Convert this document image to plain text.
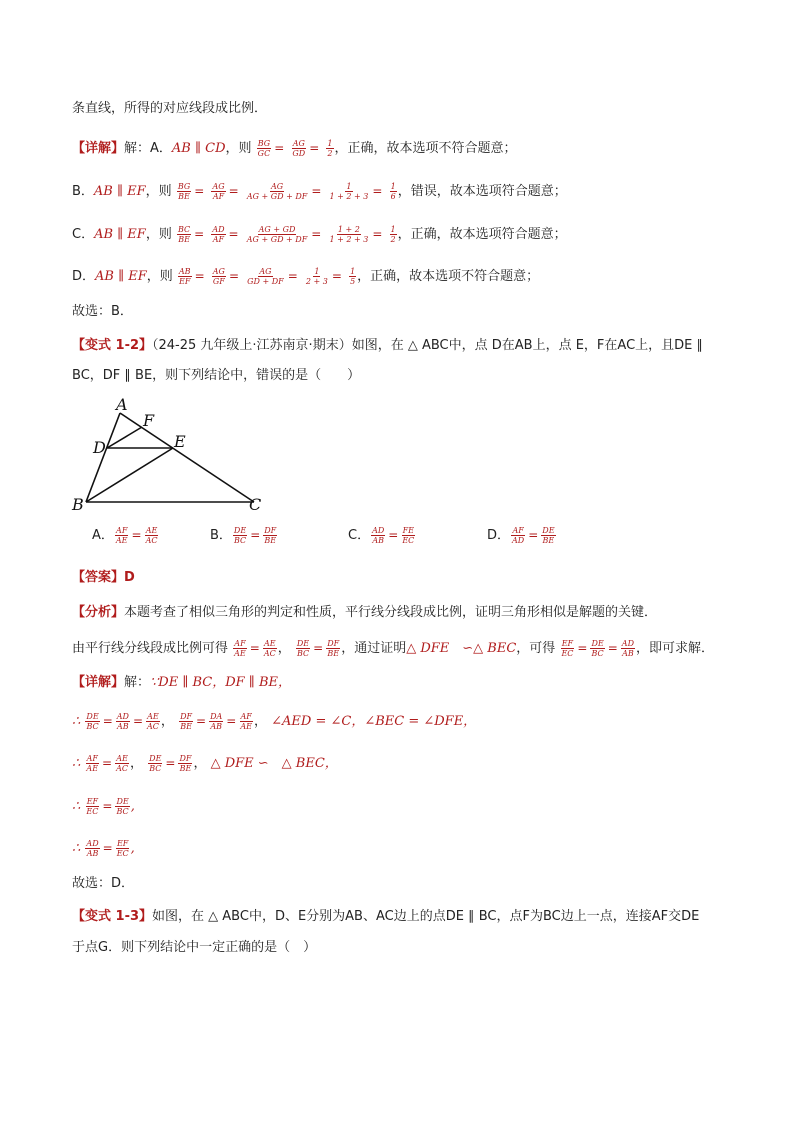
条直线，所得的对应线段成比例．
【详解】解：A．AB ∥ CD，则 $\frac{BG}{GC} = \frac{AG}{GD} = \frac{1}{2}$ ，正确，故本选项不符合题意；
B．AB ∥ EF，则 $\frac{BG}{BE} = \frac{AG}{AF} = \frac{AG}{AG + GD + DF} = \frac{1}{1 + 2 + 3} = \frac{1}{6}$ ，错误，故本选项符合题意；
C．AB ∥ EF，则 $\frac{BC}{BE} = \frac{AD}{AF} = \frac{AG + GD}{AG + GD + DF} = \frac{1 + 2}{1 + 2 + 3} = \frac{1}{2}$ ，正确，故本选项符合题意；
D．AB ∥ EF，则 $\frac{AB}{EF} = \frac{AG}{GF} = \frac{AG}{GD + DF} = \frac{1}{2 + 3} = \frac{1}{5}$ ，正确，故本选项不符合题意；
故选：B．
【变式 1-2】（24-25 九年级上·江苏南京·期末）如图，在 △ ABC中，点 D在AB上，点 E，F在AC上，且DE ∥
BC，DF ∥ BE，则下列结论中，错误的是（　　）
A
F
D	E
B	C
A． $\frac{AF}{AE} = \frac{AE}{AC}$	B． $\frac{DE}{BC} = \frac{DF}{BE}$	C． $\frac{AD}{AB} = \frac{FE}{EC}$	D． $\frac{AF}{AD} = \frac{DE}{BE}$
【答案】D
【分析】本题考查了相似三角形的判定和性质，平行线分线段成比例，证明三角形相似是解题的关键．
由平行线分线段成比例可得 $\frac{AF}{AE} = \frac{AE}{AC}$ ， $\frac{DE}{BC} = \frac{DF}{BE}$ ，通过证明△ DFE　∽△ BEC，可得 $\frac{EF}{EC} = \frac{DE}{BC} = \frac{AD}{AB}$ ，即可求解．
【详解】解：∵DE ∥ BC，DF ∥ BE，
∴ $\frac{DE}{BC} = \frac{AD}{AB} = \frac{AE}{AC}$ ， $\frac{DF}{BE} = \frac{DA}{AB} = \frac{AF}{AE}$ ， ∠AED = ∠C，∠BEC = ∠DFE，
∴ $\frac{AF}{AE} = \frac{AE}{AC}$ ， $\frac{DE}{BC} = \frac{DF}{BE}$ ， △ DFE ∽　△ BEC，
∴ $\frac{EF}{EC} = \frac{DE}{BC}$ ,
∴ $\frac{AD}{AB} = \frac{EF}{EC}$ ,
故选：D．
【变式 1-3】如图，在 △ ABC中，D、E分别为AB、AC边上的点DE ∥ BC，点F为BC边上一点，连接AF交DE
于点G．则下列结论中一定正确的是（　）
